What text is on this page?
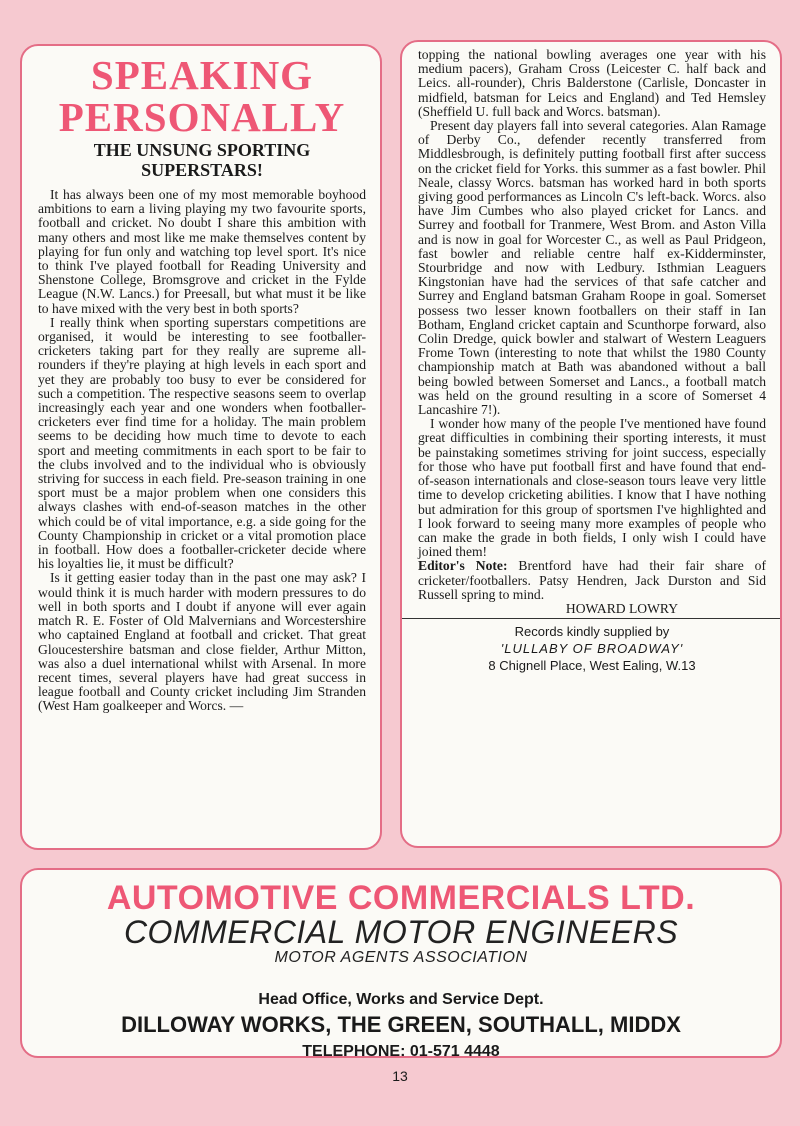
SPEAKING
PERSONALLY
THE UNSUNG SPORTING
SUPERSTARS!

It has always been one of my most memorable boyhood ambitions to earn a living playing my two favourite sports, football and cricket. No doubt I share this ambition with many others and most like me make themselves content by playing for fun only and watching top level sport. It's nice to think I've played football for Reading University and Shenstone College, Bromsgrove and cricket in the Fylde League (N.W. Lancs.) for Preesall, but what must it be like to have mixed with the very best in both sports?

I really think when sporting superstars competitions are organised, it would be interesting to see footballer-cricketers taking part for they really are supreme all-rounders if they're playing at high levels in each sport and yet they are probably too busy to ever be considered for such a competition. The respective seasons seem to overlap increasingly each year and one wonders when footballer-cricketers ever find time for a holiday. The main problem seems to be deciding how much time to devote to each sport and meeting commitments in each sport to be fair to the clubs involved and to the individual who is obviously striving for success in each field. Pre-season training in one sport must be a major problem when one considers this always clashes with end-of-season matches in the other which could be of vital importance, e.g. a side going for the County Championship in cricket or a vital promotion place in football. How does a footballer-cricketer decide where his loyalties lie, it must be difficult?

Is it getting easier today than in the past one may ask? I would think it is much harder with modern pressures to do well in both sports and I doubt if anyone will ever again match R. E. Foster of Old Malvernians and Worcestershire who captained England at football and cricket. That great Gloucestershire batsman and close fielder, Arthur Mitton, was also a duel international whilst with Arsenal. In more recent times, several players have had great success in league football and County cricket including Jim Stranden (West Ham goalkeeper and Worcs. —

topping the national bowling averages one year with his medium pacers), Graham Cross (Leicester C. half back and Leics. all-rounder), Chris Balderstone (Carlisle, Doncaster in midfield, batsman for Leics and England) and Ted Hemsley (Sheffield U. full back and Worcs. batsman).

Present day players fall into several categories. Alan Ramage of Derby Co., defender recently transferred from Middlesbrough, is definitely putting football first after success on the cricket field for Yorks. this summer as a fast bowler. Phil Neale, classy Worcs. batsman has worked hard in both sports giving good performances as Lincoln C's left-back. Worcs. also have Jim Cumbes who also played cricket for Lancs. and Surrey and football for Tranmere, West Brom. and Aston Villa and is now in goal for Worcester C., as well as Paul Pridgeon, fast bowler and reliable centre half ex-Kidderminster, Stourbridge and now with Ledbury. Isthmian Leaguers Kingstonian have had the services of that safe catcher and Surrey and England batsman Graham Roope in goal. Somerset possess two lesser known footballers on their staff in Ian Botham, England cricket captain and Scunthorpe forward, also Colin Dredge, quick bowler and stalwart of Western Leaguers Frome Town (interesting to note that whilst the 1980 County championship match at Bath was abandoned without a ball being bowled between Somerset and Lancs., a football match was held on the ground resulting in a score of Somerset 4 Lancashire 7!).

I wonder how many of the people I've mentioned have found great difficulties in combining their sporting interests, it must be painstaking sometimes striving for joint success, especially for those who have put football first and have found that end-of-season internationals and close-season tours leave very little time to develop cricketing abilities. I know that I have nothing but admiration for this group of sportsmen I've highlighted and I look forward to seeing many more examples of people who can make the grade in both fields, I only wish I could have joined them!

Editor's Note: Brentford have had their fair share of cricketer/footballers. Patsy Hendren, Jack Durston and Sid Russell spring to mind.

HOWARD LOWRY
Records kindly supplied by
'LULLABY OF BROADWAY'
8 Chignell Place, West Ealing, W.13
AUTOMOTIVE COMMERCIALS LTD.
COMMERCIAL MOTOR ENGINEERS
MOTOR AGENTS ASSOCIATION
Head Office, Works and Service Dept.
DILLOWAY WORKS, THE GREEN, SOUTHALL, MIDDX
TELEPHONE: 01-571 4448
13
